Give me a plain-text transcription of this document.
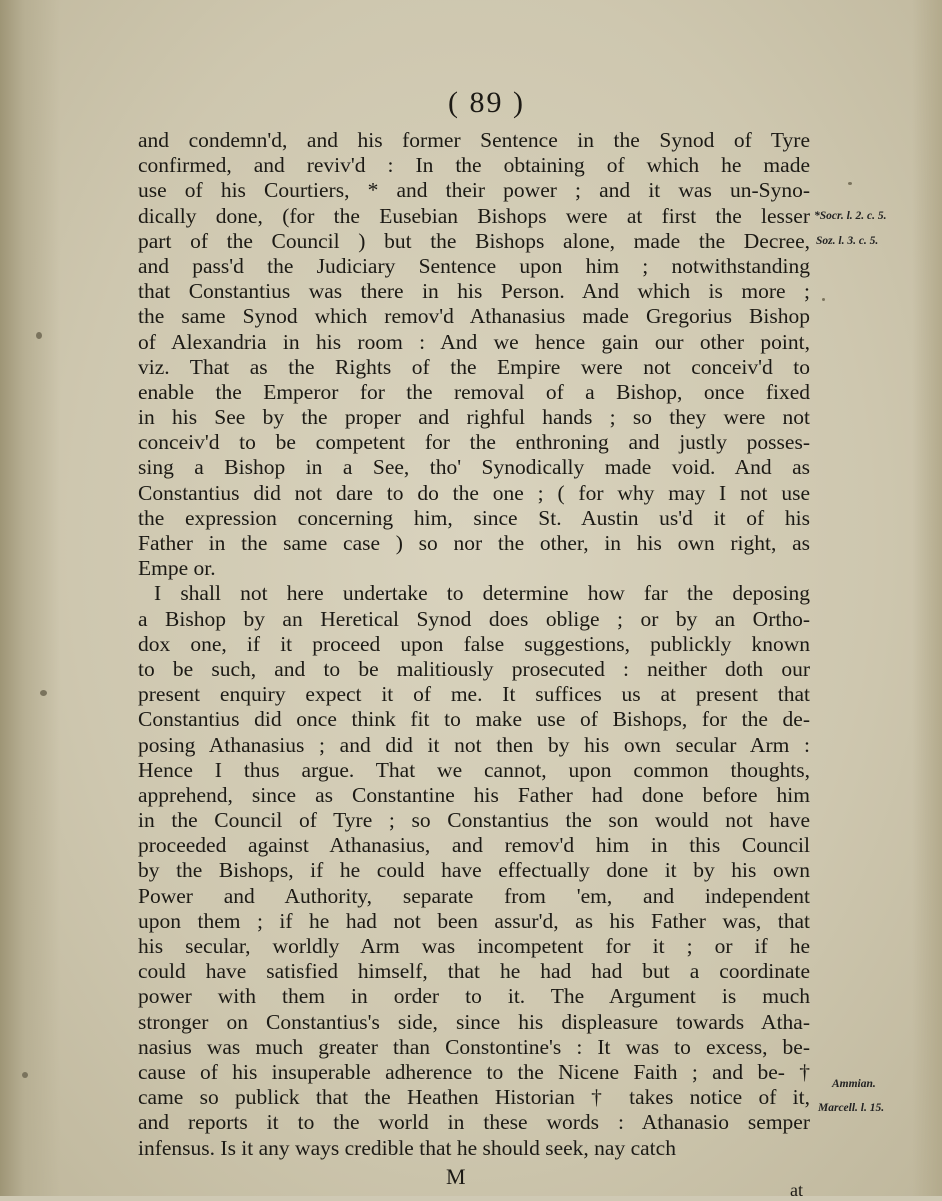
( 89 )
and condemn'd, and his former Sentence in the Synod of Tyre
confirmed, and reviv'd : In the obtaining of which he made
use of his Courtiers, * and their power ; and it was un-Syno-
dically done, (for the Eusebian Bishops were at first the lesser
part of the Council ) but the Bishops alone, made the Decree,
and pass'd the Judiciary Sentence upon him ; notwithstanding
that Constantius was there in his Person. And which is more ;
the same Synod which remov'd Athanasius made Gregorius Bishop
of Alexandria in his room : And we hence gain our other point,
viz. That as the Rights of the Empire were not conceiv'd to
enable the Emperor for the removal of a Bishop, once fixed
in his See by the proper and righful hands ; so they were not
conceiv'd to be competent for the enthroning and justly posses-
sing a Bishop in a See, tho' Synodically made void. And as
Constantius did not dare to do the one ; ( for why may I not use
the expression concerning him, since St. Austin us'd it of his
Father in the same case ) so nor the other, in his own right, as
Empe or.
I shall not here undertake to determine how far the deposing
a Bishop by an Heretical Synod does oblige ; or by an Ortho-
dox one, if it proceed upon false suggestions, publickly known
to be such, and to be malitiously prosecuted : neither doth our
present enquiry expect it of me. It suffices us at present that
Constantius did once think fit to make use of Bishops, for the de-
posing Athanasius ; and did it not then by his own secular Arm :
Hence I thus argue. That we cannot, upon common thoughts,
apprehend, since as Constantine his Father had done before him
in the Council of Tyre ; so Constantius the son would not have
proceeded against Athanasius, and remov'd him in this Council
by the Bishops, if he could have effectually done it by his own
Power and Authority, separate from 'em, and independent
upon them ; if he had not been assur'd, as his Father was, that
his secular, worldly Arm was incompetent for it ; or if he
could have satisfied himself, that he had had but a coordinate
power with them in order to it. The Argument is much
stronger on Constantius's side, since his displeasure towards Atha-
nasius was much greater than Constontine's : It was to excess, be-
cause of his insuperable adherence to the Nicene Faith ; and be- †
came so publick that the Heathen Historian † takes notice of it,
and reports it to the world in these words : Athanasio semper
infensus. Is it any ways credible that he should seek, nay catch
*Socr. l. 2. c. 5.
Soz. l. 3. c. 5.
Ammian.
Marcell. l. 15.
M
at
